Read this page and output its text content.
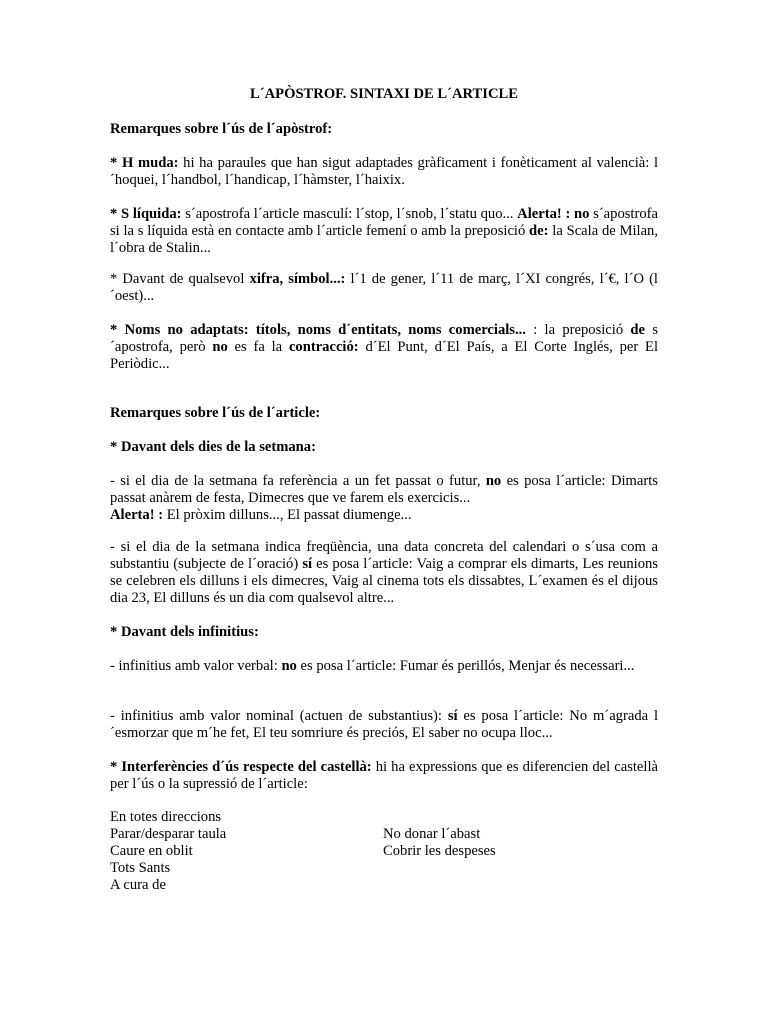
L´APÒSTROF. SINTAXI DE L´ARTICLE
Remarques sobre l´ús de l´apòstrof:
* H muda: hi ha paraules que han sigut adaptades gràficament i fonèticament al valencià: l´hoquei, l´handbol, l´handicap, l´hàmster, l´haixix.
* S líquida: s´apostrofa l´article masculí: l´stop, l´snob, l´statu quo... Alerta! : no s´apostrofa si la s líquida està en contacte amb l´article femení o amb la preposició de: la Scala de Milan, l´obra de Stalin...
* Davant de qualsevol xifra, símbol...: l´1 de gener, l´11 de març, l´XI congrés, l´€, l´O (l´oest)...
* Noms no adaptats: títols, noms d´entitats, noms comercials... : la preposició de s´apostrofa, però no es fa la contracció: d´El Punt, d´El País, a El Corte Inglés, per El Periòdic...
Remarques sobre l´ús de l´article:
* Davant dels dies de la setmana:
- si el dia de la setmana fa referència a un fet passat o futur, no es posa l´article: Dimarts passat anàrem de festa, Dimecres que ve farem els exercicis...
Alerta! : El pròxim dilluns..., El passat diumenge...
- si el dia de la setmana indica freqüència, una data concreta del calendari o s´usa com a substantiu (subjecte de l´oració) sí es posa l´article: Vaig a comprar els dimarts, Les reunions se celebren els dilluns i els dimecres, Vaig al cinema tots els dissabtes, L´examen és el dijous dia 23, El dilluns és un dia com qualsevol altre...
* Davant dels infinitius:
- infinitius amb valor verbal: no es posa l´article: Fumar és perillós, Menjar és necessari...
- infinitius amb valor nominal (actuen de substantius): sí es posa l´article: No m´agrada l´esmorzar que m´he fet, El teu somriure és preciós, El saber no ocupa lloc...
* Interferències d´ús respecte del castellà: hi ha expressions que es diferencien del castellà per l´ús o la supressió de l´article:
En totes direccions
Parar/desparar taula
Caure en oblit
Tots Sants
A cura de
No donar l´abast
Cobrir les despeses
